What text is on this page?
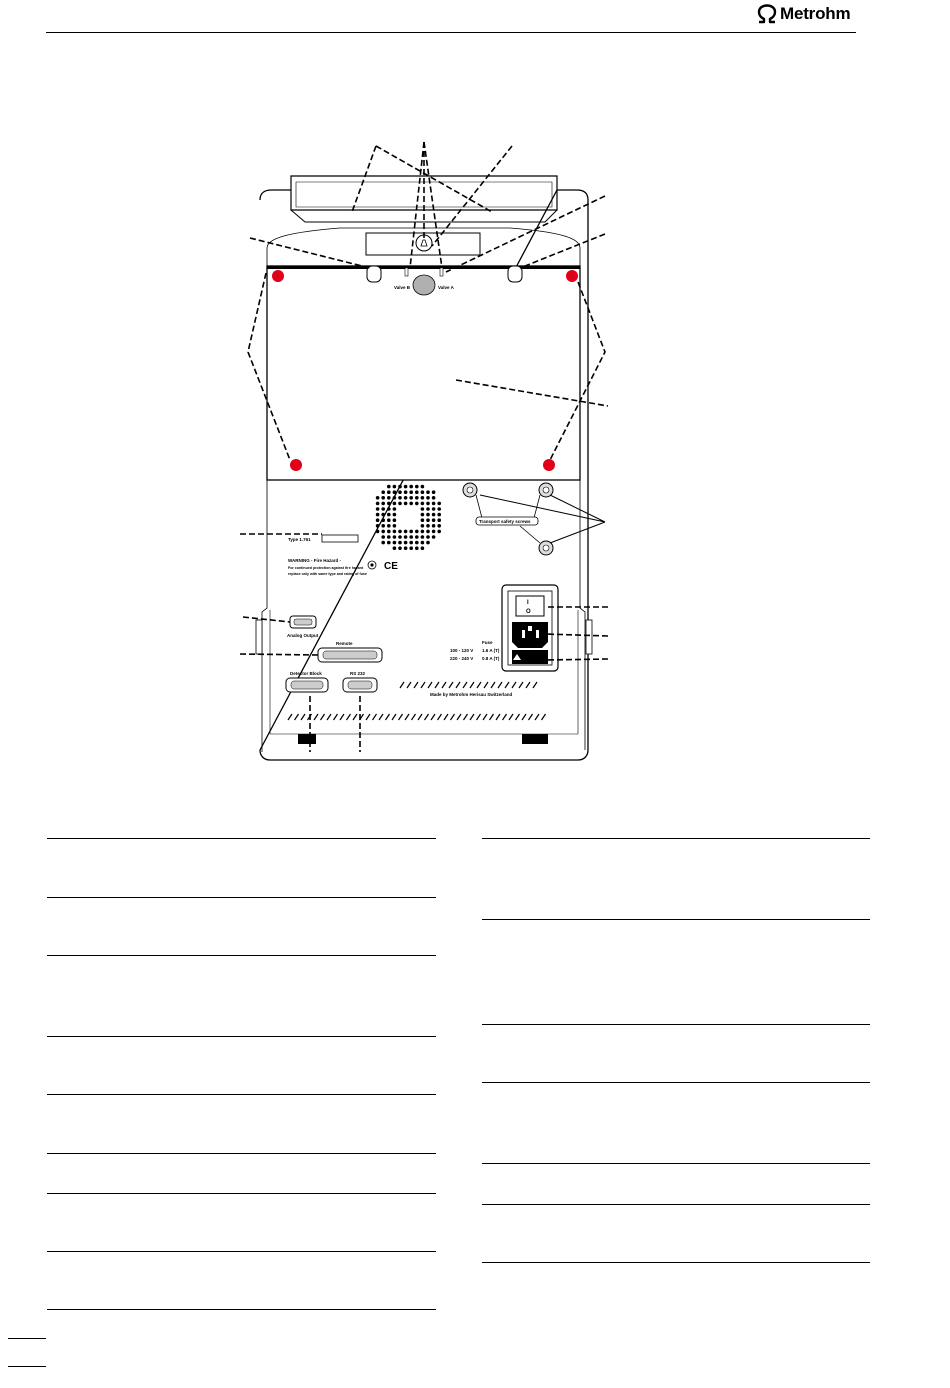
Metrohm
Valve B	Valve A
Transport safety screws
Type 1.761
WARNING - Fire Hazard -
For continued protection against fire hazard
replace only with same type and rating of fuse
CE
Analog Output
Remote
Detector Block	RS 232
Made by Metrohm Herisau Switzerland
I
O
Fuse
100 - 120 V 1.6 A (T)
220 - 240 V 0.8 A (T)
